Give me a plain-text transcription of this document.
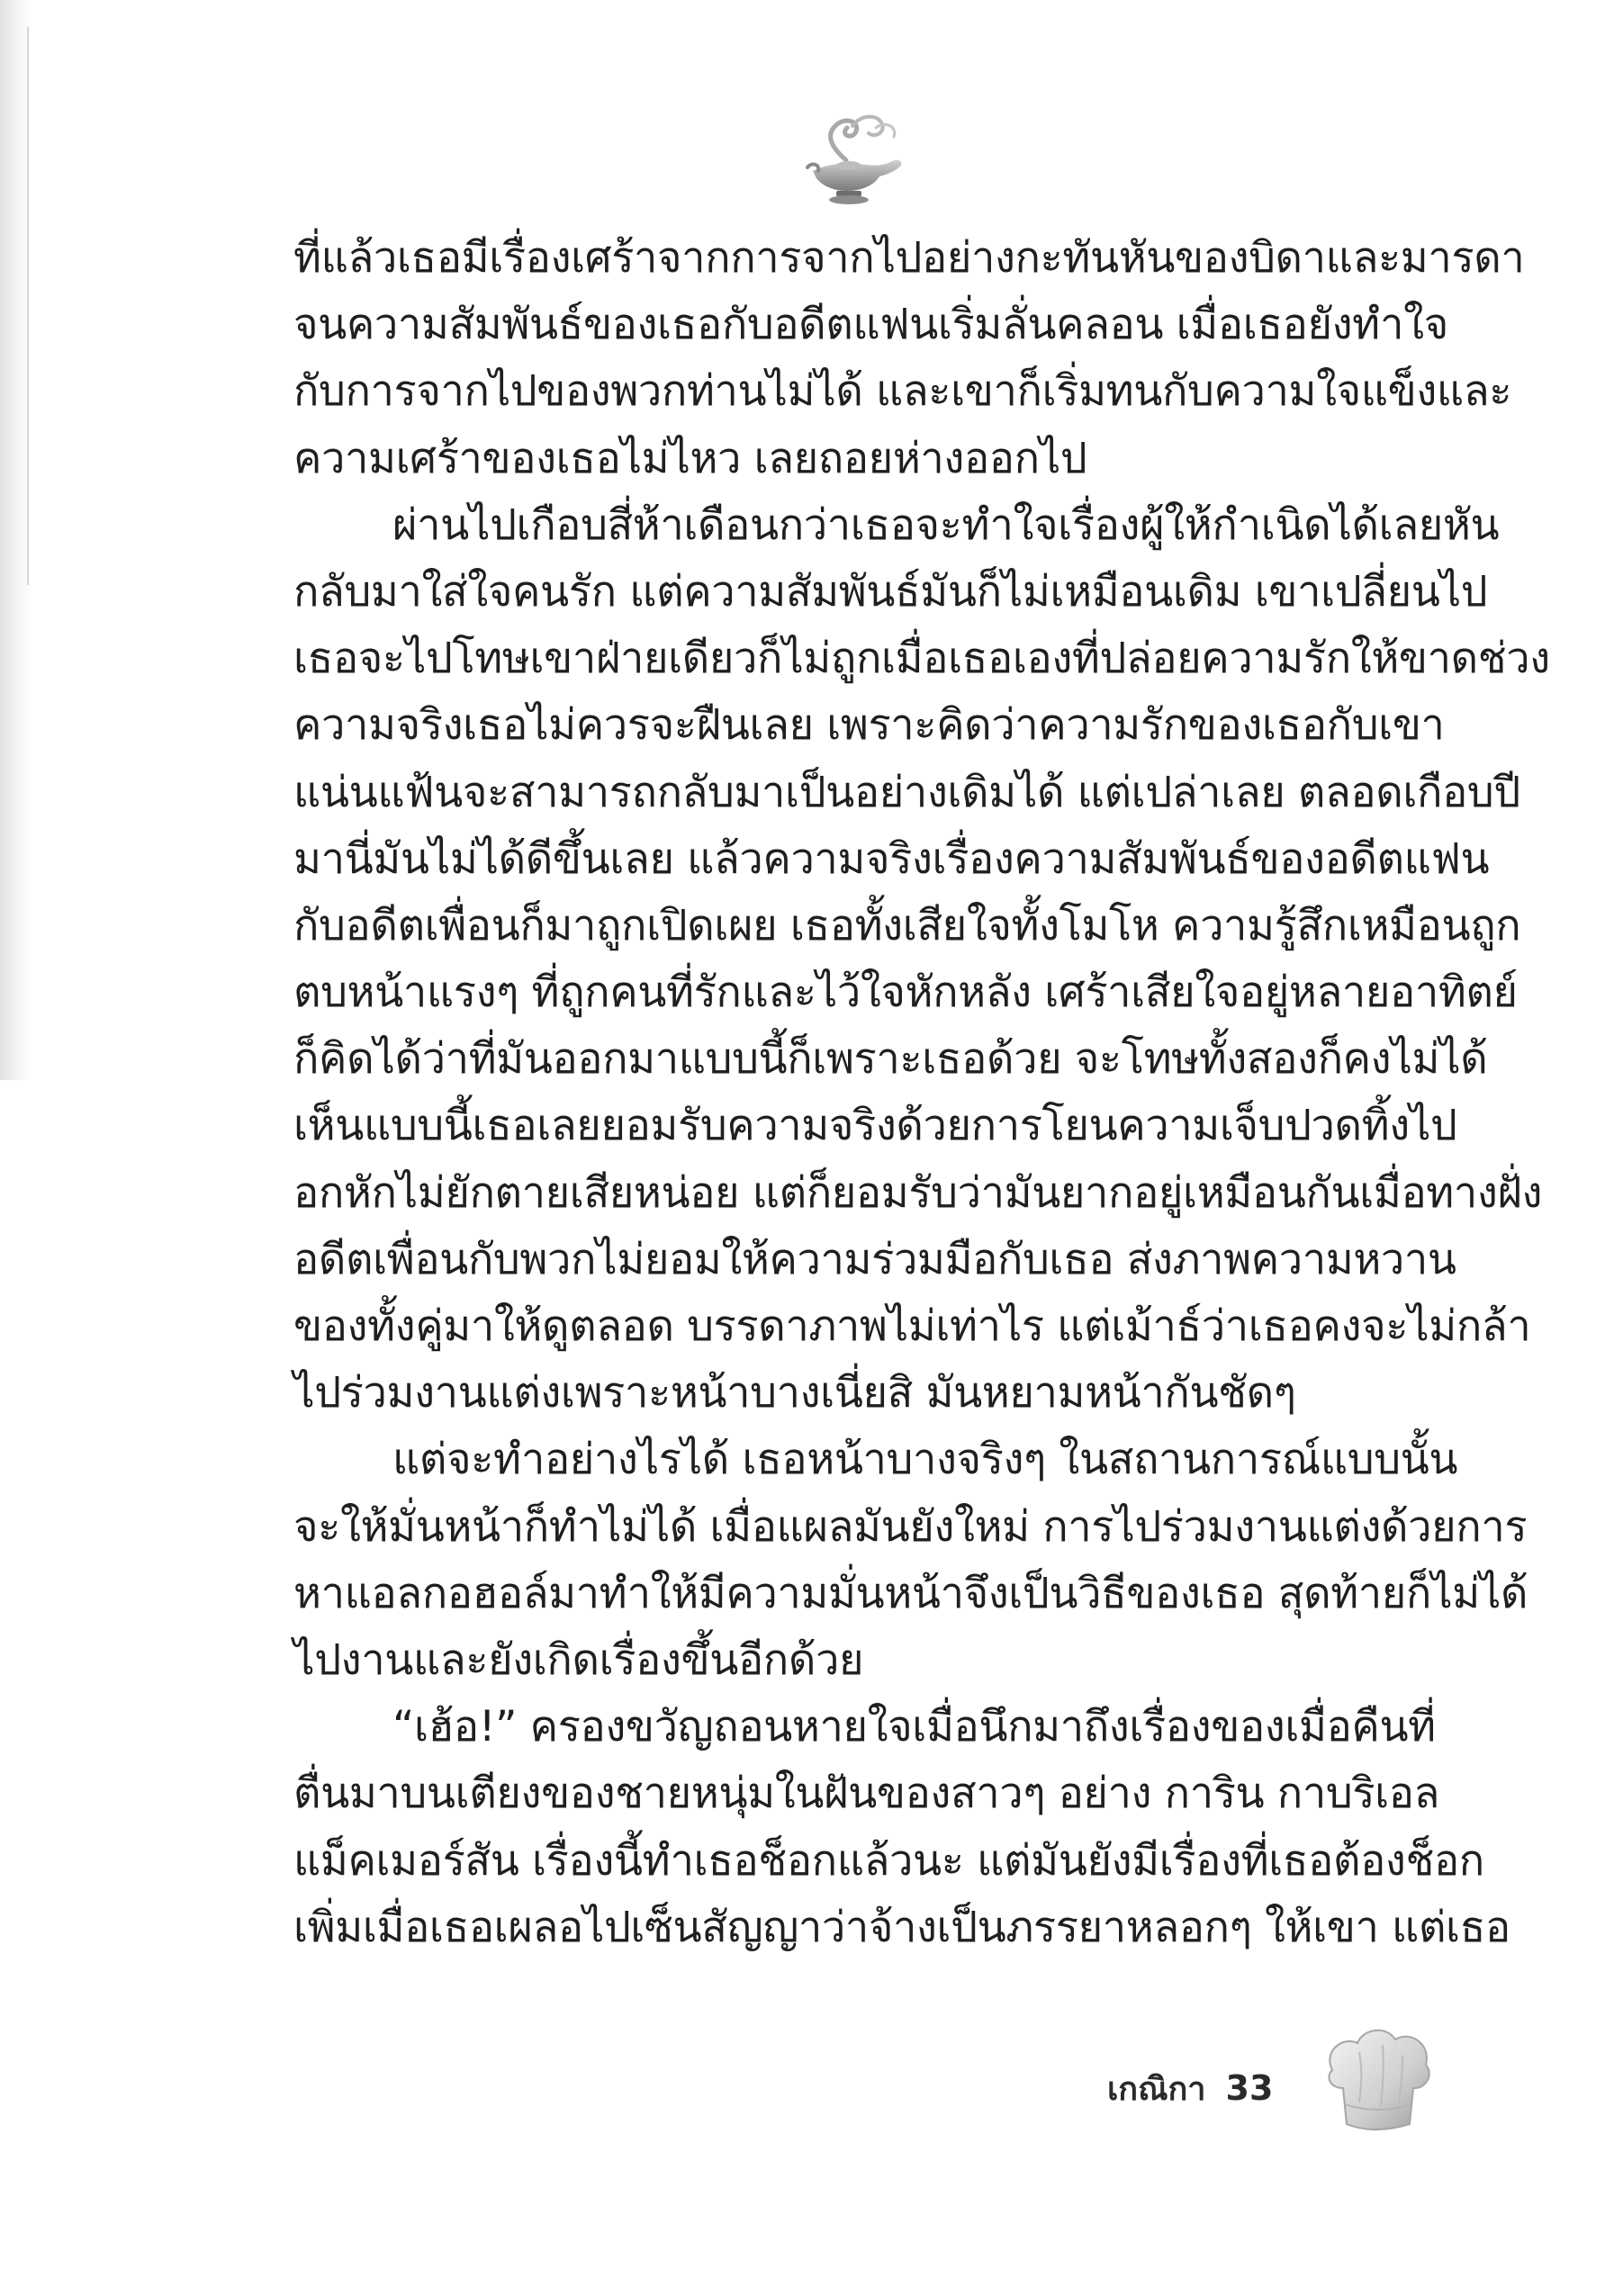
ที่แล้วเธอมีเรื่องเศร้าจากการจากไปอย่างกะทันหันของบิดาและมารดา
จนความสัมพันธ์ของเธอกับอดีตแฟนเริ่มลั่นคลอน เมื่อเธอยังทำใจ
กับการจากไปของพวกท่านไม่ได้ และเขาก็เริ่มทนกับความใจแข็งและ
ความเศร้าของเธอไม่ไหว เลยถอยห่างออกไป
ผ่านไปเกือบสี่ห้าเดือนกว่าเธอจะทำใจเรื่องผู้ให้กำเนิดได้เลยหัน
กลับมาใส่ใจคนรัก แต่ความสัมพันธ์มันก็ไม่เหมือนเดิม เขาเปลี่ยนไป
เธอจะไปโทษเขาฝ่ายเดียวก็ไม่ถูกเมื่อเธอเองที่ปล่อยความรักให้ขาดช่วง
ความจริงเธอไม่ควรจะฝืนเลย เพราะคิดว่าความรักของเธอกับเขา
แน่นแฟ้นจะสามารถกลับมาเป็นอย่างเดิมได้ แต่เปล่าเลย ตลอดเกือบปี
มานี่มันไม่ได้ดีขึ้นเลย แล้วความจริงเรื่องความสัมพันธ์ของอดีตแฟน
กับอดีตเพื่อนก็มาถูกเปิดเผย เธอทั้งเสียใจทั้งโมโห ความรู้สึกเหมือนถูก
ตบหน้าแรงๆ ที่ถูกคนที่รักและไว้ใจหักหลัง เศร้าเสียใจอยู่หลายอาทิตย์
ก็คิดได้ว่าที่มันออกมาแบบนี้ก็เพราะเธอด้วย จะโทษทั้งสองก็คงไม่ได้
เห็นแบบนี้เธอเลยยอมรับความจริงด้วยการโยนความเจ็บปวดทิ้งไป
อกหักไม่ยักตายเสียหน่อย แต่ก็ยอมรับว่ามันยากอยู่เหมือนกันเมื่อทางฝั่ง
อดีตเพื่อนกับพวกไม่ยอมให้ความร่วมมือกับเธอ ส่งภาพความหวาน
ของทั้งคู่มาให้ดูตลอด บรรดาภาพไม่เท่าไร แต่เม้าธ์ว่าเธอคงจะไม่กล้า
ไปร่วมงานแต่งเพราะหน้าบางเนี่ยสิ มันหยามหน้ากันชัดๆ
แต่จะทำอย่างไรได้ เธอหน้าบางจริงๆ ในสถานการณ์แบบนั้น
จะให้มั่นหน้าก็ทำไม่ได้ เมื่อแผลมันยังใหม่ การไปร่วมงานแต่งด้วยการ
หาแอลกอฮอล์มาทำให้มีความมั่นหน้าจึงเป็นวิธีของเธอ สุดท้ายก็ไม่ได้
ไปงานและยังเกิดเรื่องขึ้นอีกด้วย
“เฮ้อ!” ครองขวัญถอนหายใจเมื่อนึกมาถึงเรื่องของเมื่อคืนที่
ตื่นมาบนเตียงของชายหนุ่มในฝันของสาวๆ อย่าง การิน กาบริเอล
แม็คเมอร์สัน เรื่องนี้ทำเธอช็อกแล้วนะ แต่มันยังมีเรื่องที่เธอต้องช็อก
เพิ่มเมื่อเธอเผลอไปเซ็นสัญญาว่าจ้างเป็นภรรยาหลอกๆ ให้เขา แต่เธอ
เกณิกา 33
